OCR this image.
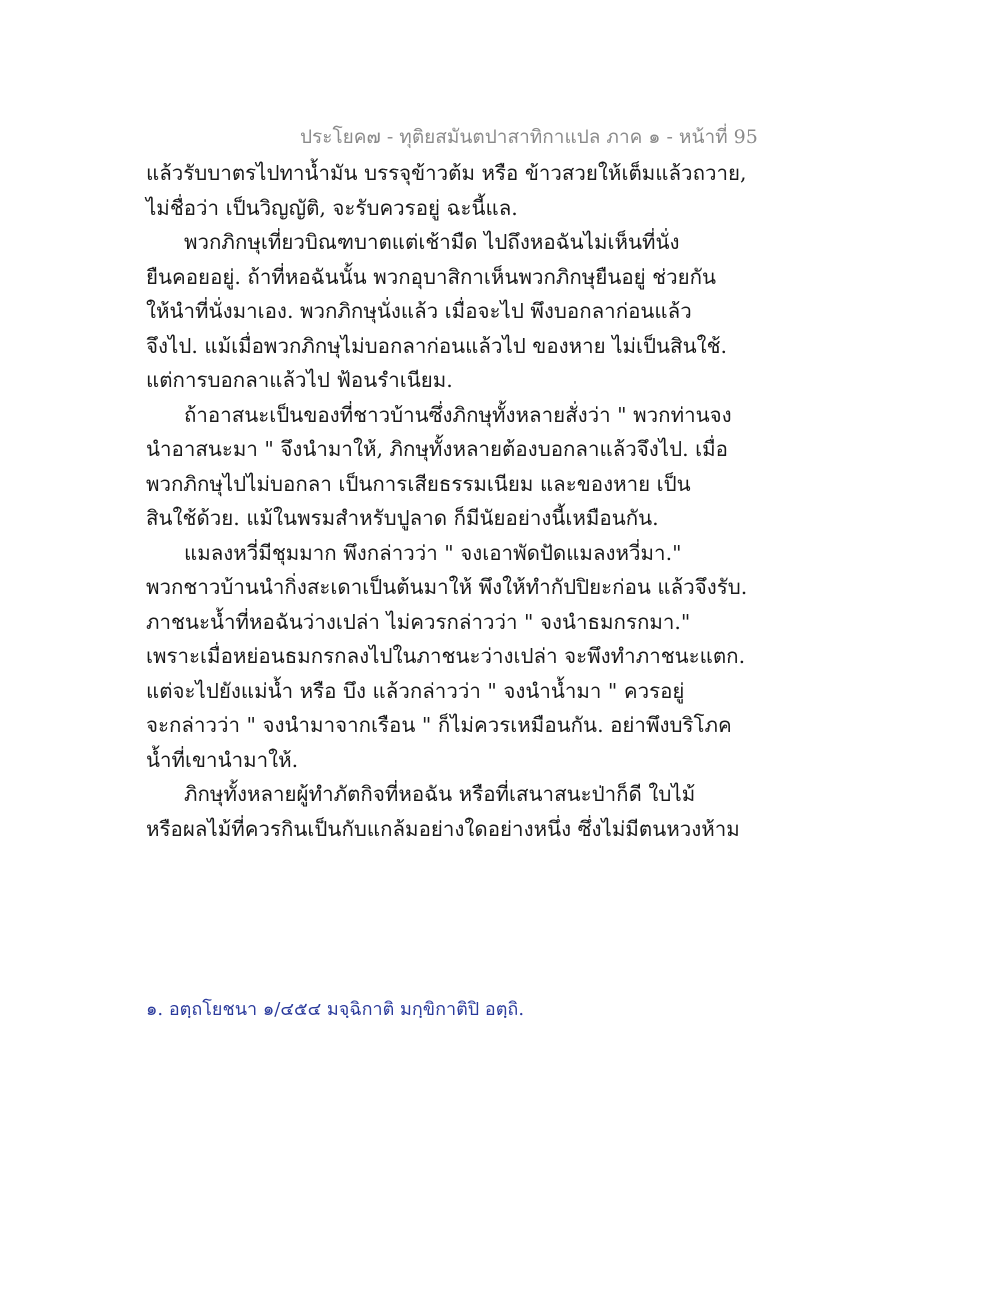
ประโยค๗ - ทุติยสมันตปาสาทิกาแปล ภาค ๑ - หน้าที่ 95
แล้วรับบาตรไปทาน้ำมัน บรรจุข้าวต้ม หรือ ข้าวสวยให้เต็มแล้วถวาย,
ไม่ชื่อว่า เป็นวิญญัติ, จะรับควรอยู่ ฉะนี้แล.
พวกภิกษุเที่ยวบิณฑบาตแต่เช้ามืด ไปถึงหอฉันไม่เห็นที่นั่ง
ยืนคอยอยู่. ถ้าที่หอฉันนั้น พวกอุบาสิกาเห็นพวกภิกษุยืนอยู่ ช่วยกัน
ให้นำที่นั่งมาเอง. พวกภิกษุนั่งแล้ว เมื่อจะไป พึงบอกลาก่อนแล้ว
จึงไป. แม้เมื่อพวกภิกษุไม่บอกลาก่อนแล้วไป ของหาย ไม่เป็นสินใช้.
แต่การบอกลาแล้วไป ฟ้อนรำเนียม.
ถ้าอาสนะเป็นของที่ชาวบ้านซึ่งภิกษุทั้งหลายสั่งว่า " พวกท่านจง
นำอาสนะมา " จึงนำมาให้, ภิกษุทั้งหลายต้องบอกลาแล้วจึงไป. เมื่อ
พวกภิกษุไปไม่บอกลา เป็นการเสียธรรมเนียม และของหาย เป็น
สินใช้ด้วย. แม้ในพรมสำหรับปูลาด ก็มีนัยอย่างนี้เหมือนกัน.
แมลงหวี่มีชุมมาก พึงกล่าวว่า " จงเอาพัดปัดแมลงหวี่มา."
พวกชาวบ้านนำกิ่งสะเดาเป็นต้นมาให้ พึงให้ทำกัปปิยะก่อน แล้วจึงรับ.
ภาชนะน้ำที่หอฉันว่างเปล่า ไม่ควรกล่าวว่า " จงนำธมกรกมา."
เพราะเมื่อหย่อนธมกรกลงไปในภาชนะว่างเปล่า จะพึงทำภาชนะแตก.
แต่จะไปยังแม่น้ำ หรือ บึง แล้วกล่าวว่า " จงนำน้ำมา " ควรอยู่
จะกล่าวว่า " จงนำมาจากเรือน " ก็ไม่ควรเหมือนกัน. อย่าพึงบริโภค
น้ำที่เขานำมาให้.
ภิกษุทั้งหลายผู้ทำภัตกิจที่หอฉัน หรือที่เสนาสนะป่าก็ดี ใบไม้
หรือผลไม้ที่ควรกินเป็นกับแกล้มอย่างใดอย่างหนึ่ง ซึ่งไม่มีตนหวงห้าม
๑. อตฺถโยชนา ๑/๔๕๔ มจฺฉิกาติ มกฺขิกาติปิ อตฺถิ.
